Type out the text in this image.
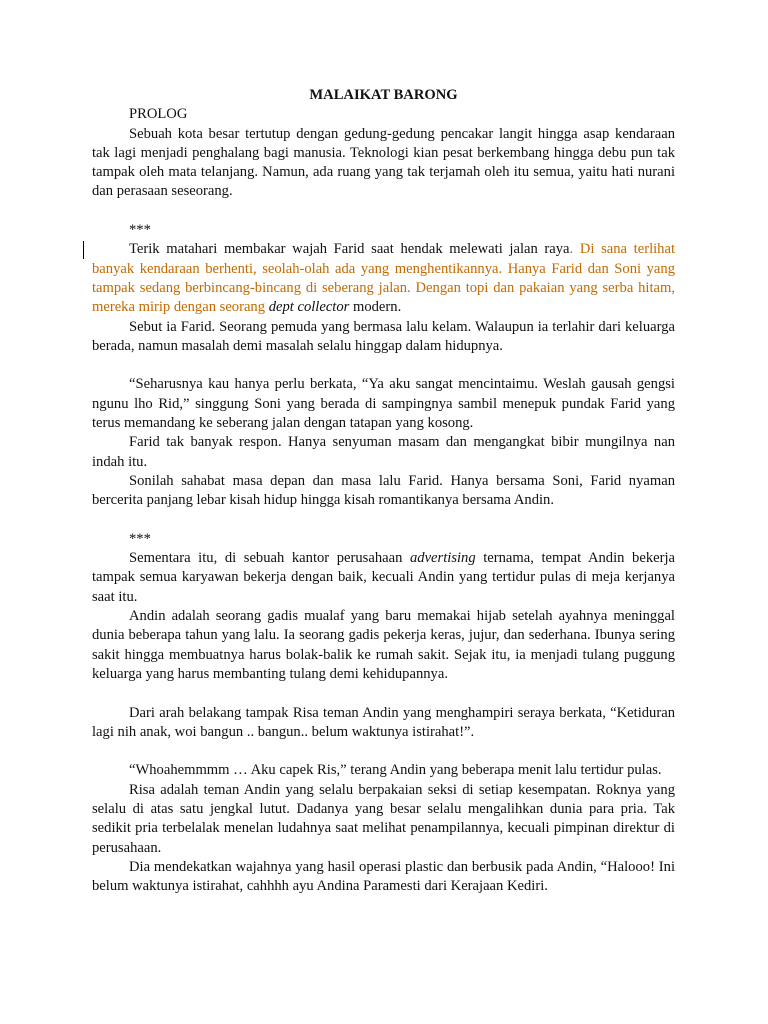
MALAIKAT BARONG

PROLOG

Sebuah kota besar tertutup dengan gedung-gedung pencakar langit hingga asap kendaraan tak lagi menjadi penghalang bagi manusia. Teknologi kian pesat berkembang hingga debu pun tak tampak oleh mata telanjang. Namun, ada ruang yang tak terjamah oleh itu semua, yaitu hati nurani dan perasaan seseorang.

***

Terik matahari membakar wajah Farid saat hendak melewati jalan raya. Di sana terlihat banyak kendaraan berhenti, seolah-olah ada yang menghentikannya. Hanya Farid dan Soni yang tampak sedang berbincang-bincang di seberang jalan. Dengan topi dan pakaian yang serba hitam, mereka mirip dengan seorang dept collector modern.

Sebut ia Farid. Seorang pemuda yang bermasa lalu kelam. Walaupun ia terlahir dari keluarga berada, namun masalah demi masalah selalu hinggap dalam hidupnya.

“Seharusnya kau hanya perlu berkata, “Ya aku sangat mencintaimu. Weslah gausah gengsi ngunu lho Rid,” singgung Soni yang berada di sampingnya sambil menepuk pundak Farid yang terus memandang ke seberang jalan dengan tatapan yang kosong.

Farid tak banyak respon. Hanya senyuman masam dan mengangkat bibir mungilnya nan indah itu.

Sonilah sahabat masa depan dan masa lalu Farid. Hanya bersama Soni, Farid nyaman bercerita panjang lebar kisah hidup hingga kisah romantikanya bersama Andin.

***

Sementara itu, di sebuah kantor perusahaan advertising ternama, tempat Andin bekerja tampak semua karyawan bekerja dengan baik, kecuali Andin yang tertidur pulas di meja kerjanya saat itu.

Andin adalah seorang gadis mualaf yang baru memakai hijab setelah ayahnya meninggal dunia beberapa tahun yang lalu. Ia seorang gadis pekerja keras, jujur, dan sederhana. Ibunya sering sakit hingga membuatnya harus bolak-balik ke rumah sakit. Sejak itu, ia menjadi tulang puggung keluarga yang harus membanting tulang demi kehidupannya.

Dari arah belakang tampak Risa teman Andin yang menghampiri seraya berkata, “Ketiduran lagi nih anak, woi bangun .. bangun.. belum waktunya istirahat!”.

“Whoahemmmm … Aku capek Ris,” terang Andin yang beberapa menit lalu tertidur pulas.

Risa adalah teman Andin yang selalu berpakaian seksi di setiap kesempatan. Roknya yang selalu di atas satu jengkal lutut. Dadanya yang besar selalu mengalihkan dunia para pria. Tak sedikit pria terbelalak menelan ludahnya saat melihat penampilannya, kecuali pimpinan direktur di perusahaan.

Dia mendekatkan wajahnya yang hasil operasi plastic dan berbusik pada Andin, “Halooo! Ini belum waktunya istirahat, cahhhh ayu Andina Paramesti dari Kerajaan Kediri.
